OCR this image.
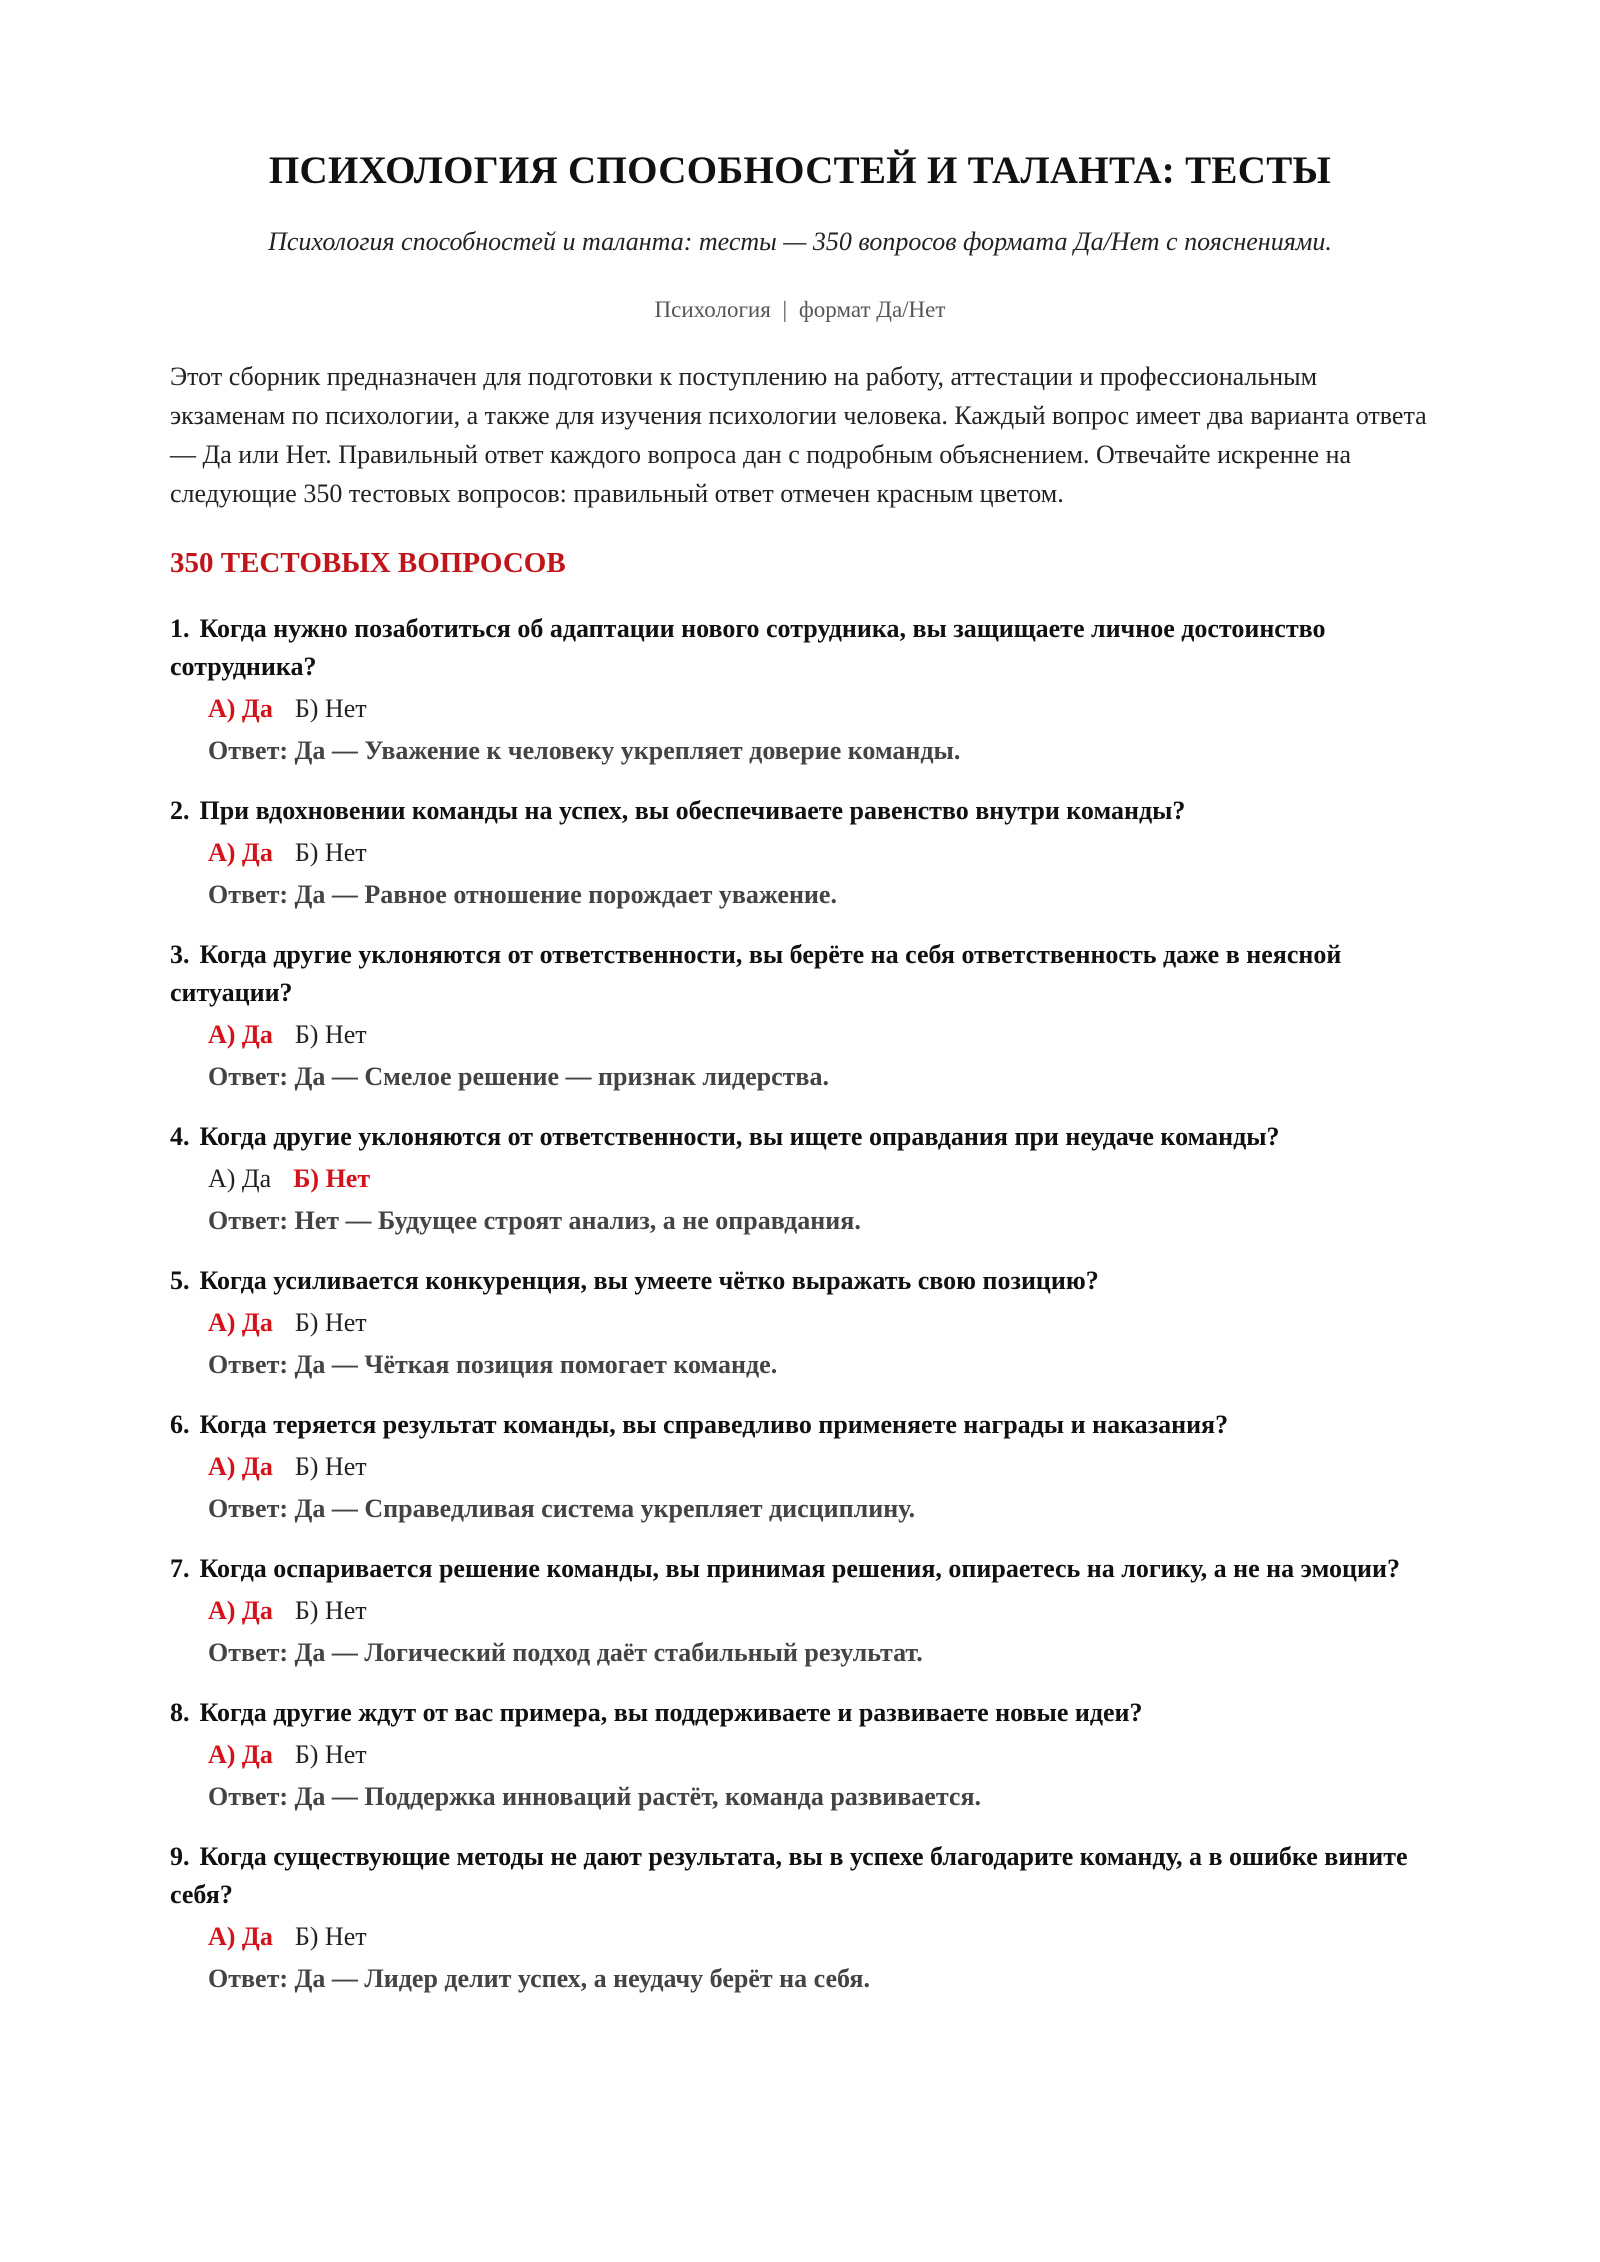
ПСИХОЛОГИЯ СПОСОБНОСТЕЙ И ТАЛАНТА: ТЕСТЫ

Психология способностей и таланта: тесты — 350 вопросов формата Да/Нет с пояснениями.

Психология | формат Да/Нет

Этот сборник предназначен для подготовки к поступлению на работу, аттестации и профессиональным экзаменам по психологии, а также для изучения психологии человека. Каждый вопрос имеет два варианта ответа — Да или Нет. Правильный ответ каждого вопроса дан с подробным объяснением. Отвечайте искренне на следующие 350 тестовых вопросов: правильный ответ отмечен красным цветом.

350 ТЕСТОВЫХ ВОПРОСОВ
1. Когда нужно позаботиться об адаптации нового сотрудника, вы защищаете личное достоинство сотрудника?
А) Да Б) Нет
Ответ: Да — Уважение к человеку укрепляет доверие команды.
2. При вдохновении команды на успех, вы обеспечиваете равенство внутри команды?
А) Да Б) Нет
Ответ: Да — Равное отношение порождает уважение.
3. Когда другие уклоняются от ответственности, вы берёте на себя ответственность даже в неясной ситуации?
А) Да Б) Нет
Ответ: Да — Смелое решение — признак лидерства.
4. Когда другие уклоняются от ответственности, вы ищете оправдания при неудаче команды?
А) Да Б) Нет
Ответ: Нет — Будущее строят анализ, а не оправдания.
5. Когда усиливается конкуренция, вы умеете чётко выражать свою позицию?
А) Да Б) Нет
Ответ: Да — Чёткая позиция помогает команде.
6. Когда теряется результат команды, вы справедливо применяете награды и наказания?
А) Да Б) Нет
Ответ: Да — Справедливая система укрепляет дисциплину.
7. Когда оспаривается решение команды, вы принимая решения, опираетесь на логику, а не на эмоции?
А) Да Б) Нет
Ответ: Да — Логический подход даёт стабильный результат.
8. Когда другие ждут от вас примера, вы поддерживаете и развиваете новые идеи?
А) Да Б) Нет
Ответ: Да — Поддержка инноваций растёт, команда развивается.
9. Когда существующие методы не дают результата, вы в успехе благодарите команду, а в ошибке вините себя?
А) Да Б) Нет
Ответ: Да — Лидер делит успех, а неудачу берёт на себя.
